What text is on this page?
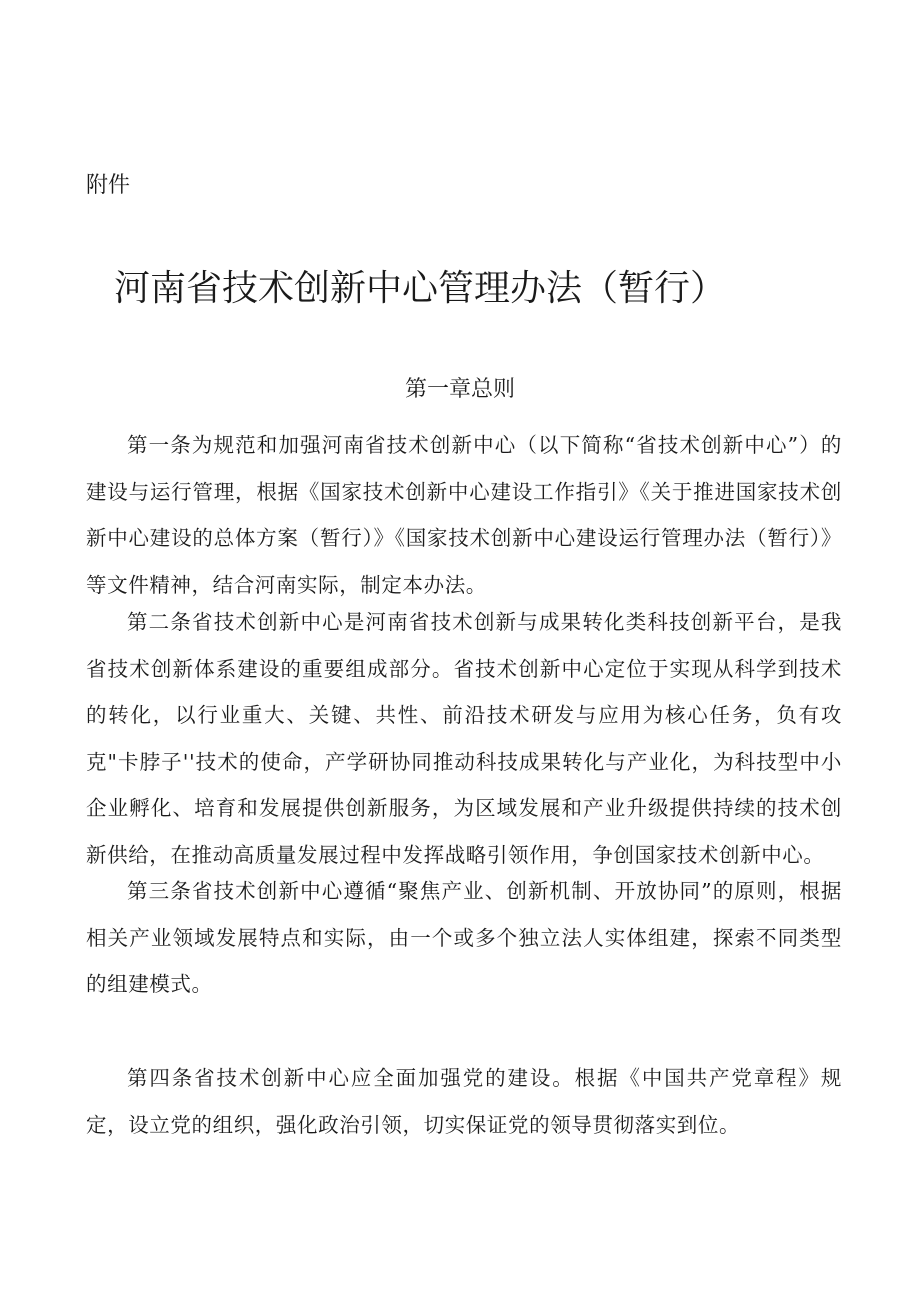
附件
河南省技术创新中心管理办法（暂行）
第一章总则

第一条为规范和加强河南省技术创新中心（以下简称“省技术创新中心”）的建设与运行管理，根据《国家技术创新中心建设工作指引》《关于推进国家技术创新中心建设的总体方案（暂行）》《国家技术创新中心建设运行管理办法（暂行）》等文件精神，结合河南实际，制定本办法。

第二条省技术创新中心是河南省技术创新与成果转化类科技创新平台，是我省技术创新体系建设的重要组成部分。省技术创新中心定位于实现从科学到技术的转化，以行业重大、关键、共性、前沿技术研发与应用为核心任务，负有攻克"卡脖子''技术的使命，产学研协同推动科技成果转化与产业化，为科技型中小企业孵化、培育和发展提供创新服务，为区域发展和产业升级提供持续的技术创新供给，在推动高质量发展过程中发挥战略引领作用，争创国家技术创新中心。

第三条省技术创新中心遵循“聚焦产业、创新机制、开放协同”的原则，根据相关产业领域发展特点和实际，由一个或多个独立法人实体组建，探索不同类型的组建模式。

第四条省技术创新中心应全面加强党的建设。根据《中国共产党章程》规定，设立党的组织，强化政治引领，切实保证党的领导贯彻落实到位。
